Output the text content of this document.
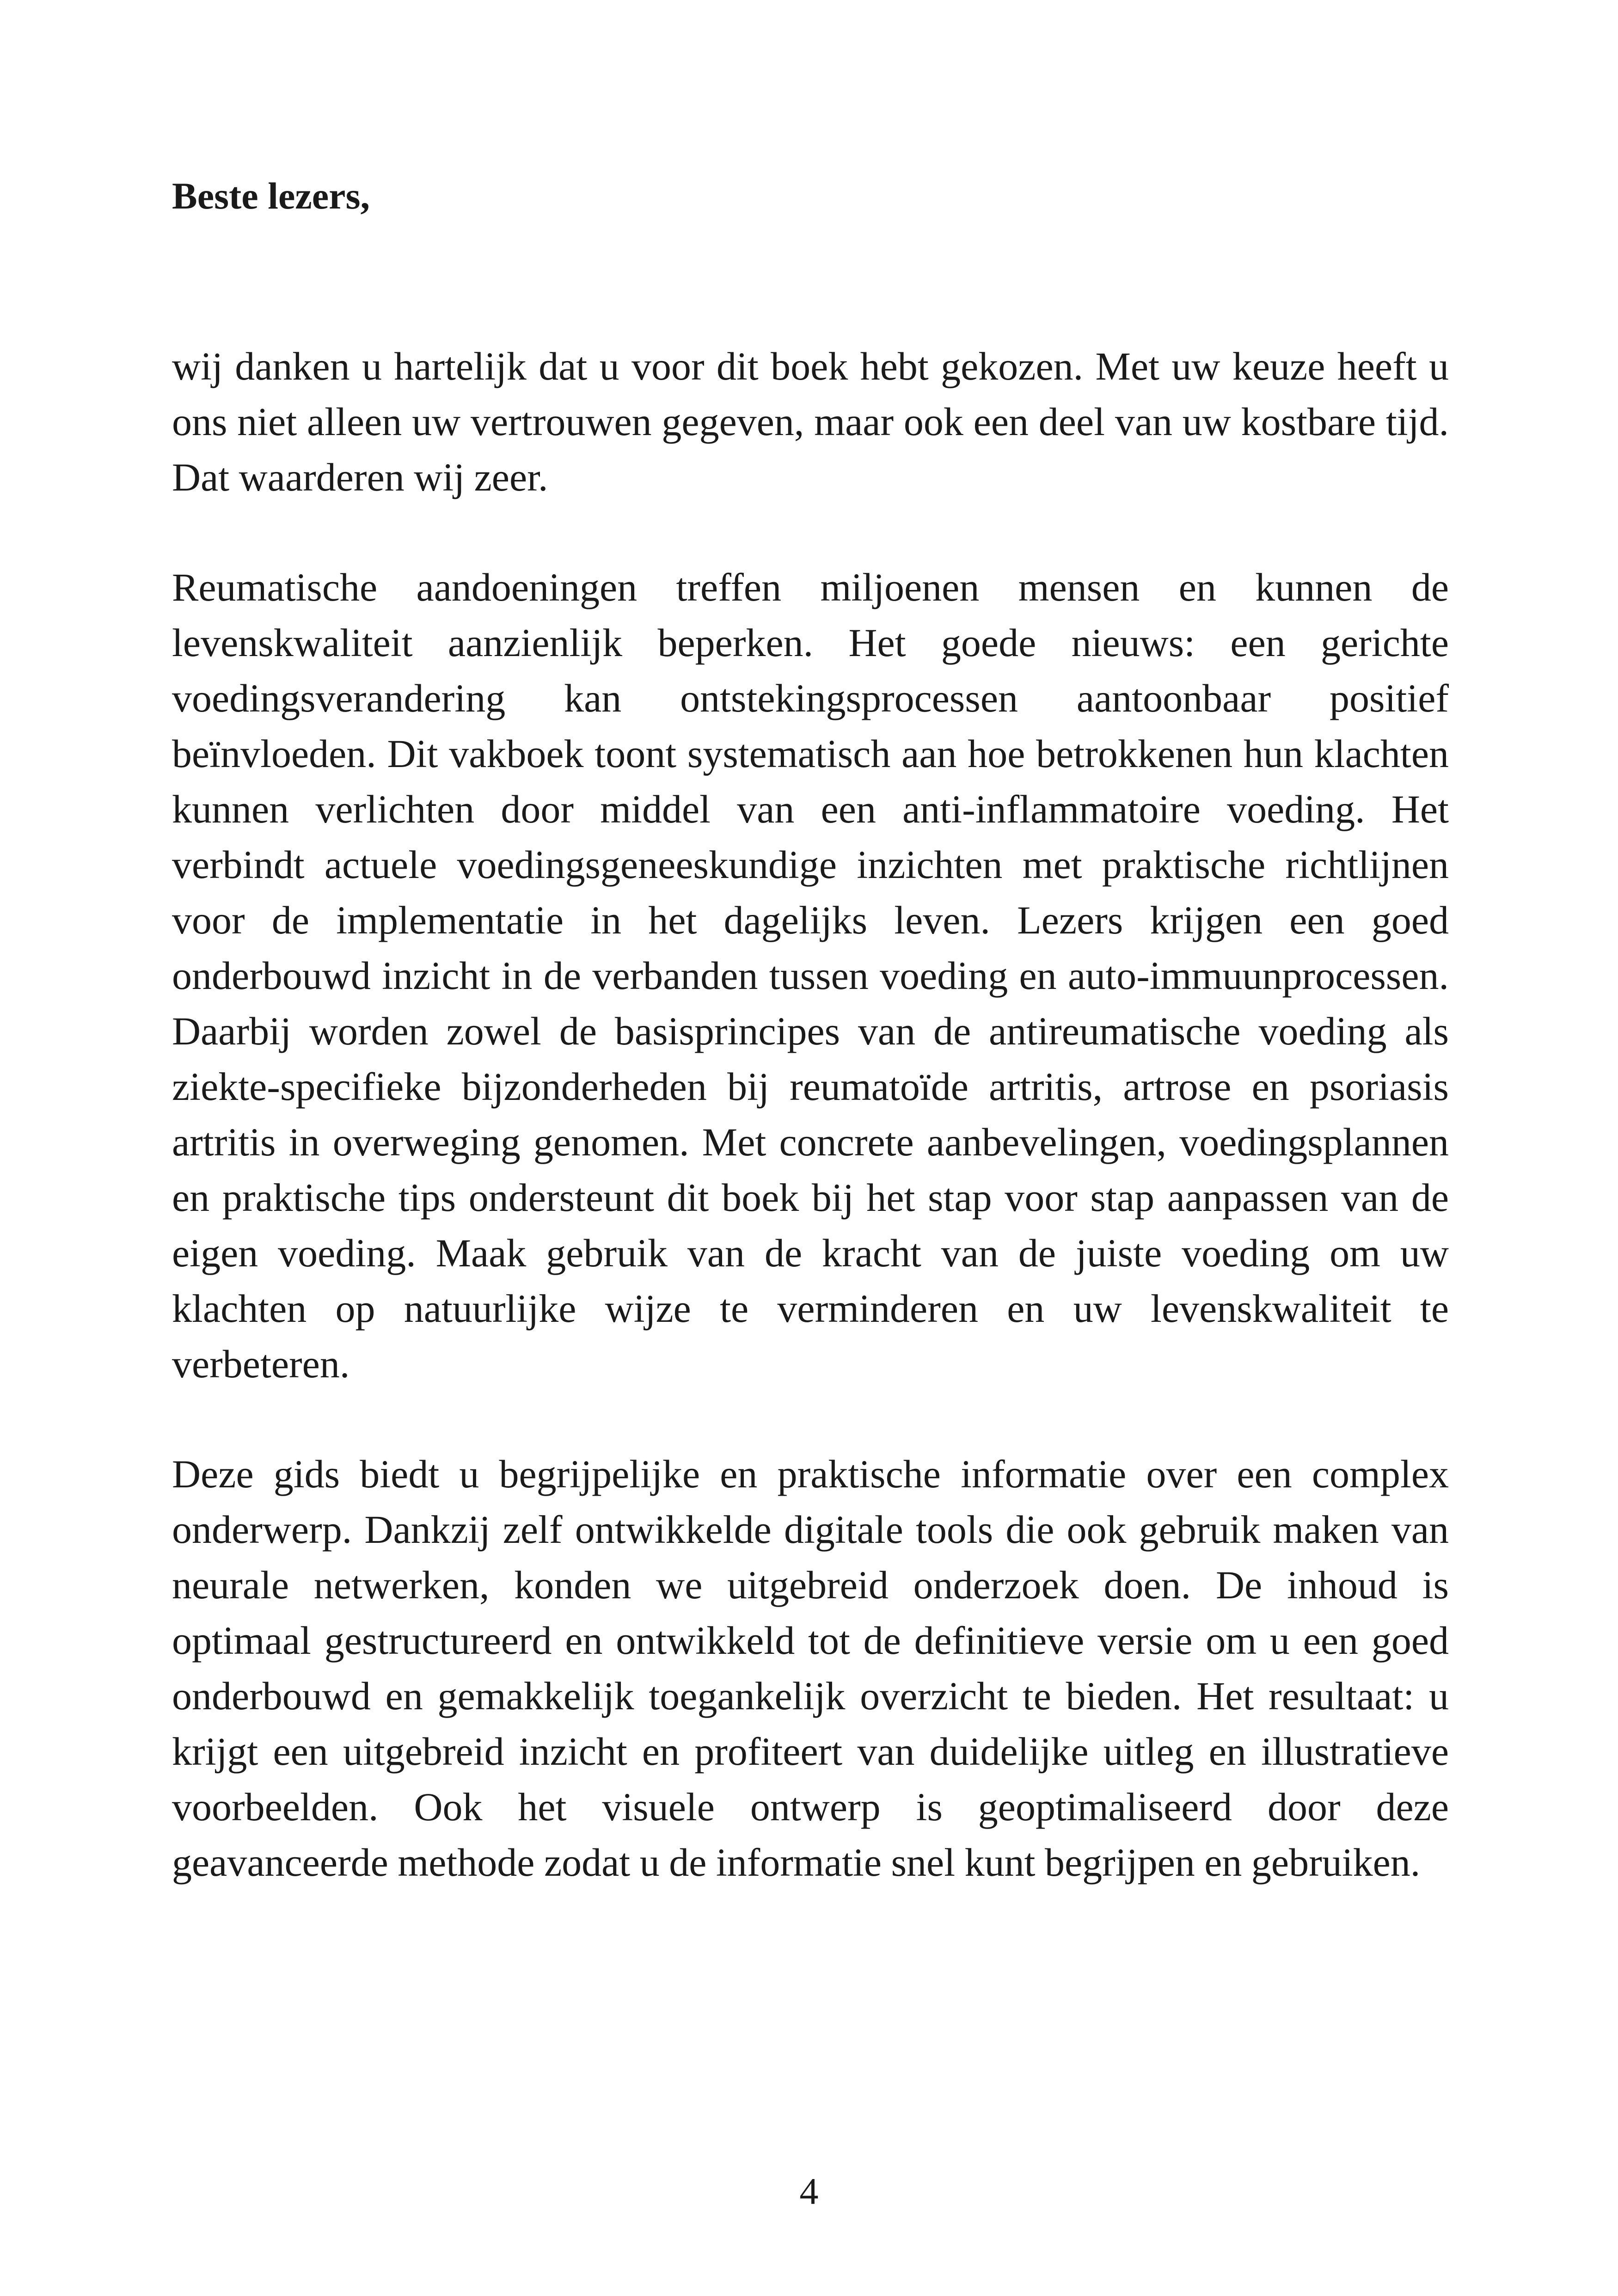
Beste lezers,

wij danken u hartelijk dat u voor dit boek hebt gekozen. Met uw keuze heeft u ons niet alleen uw vertrouwen gegeven, maar ook een deel van uw kostbare tijd. Dat waarderen wij zeer.

Reumatische aandoeningen treffen miljoenen mensen en kunnen de levenskwaliteit aanzienlijk beperken. Het goede nieuws: een gerichte voedingsverandering kan ontstekingsprocessen aantoonbaar positief beïnvloeden. Dit vakboek toont systematisch aan hoe betrokkenen hun klachten kunnen verlichten door middel van een anti-inflammatoire voeding. Het verbindt actuele voedingsgeneeskundige inzichten met praktische richtlijnen voor de implementatie in het dagelijks leven. Lezers krijgen een goed onderbouwd inzicht in de verbanden tussen voeding en auto-immuunprocessen. Daarbij worden zowel de basisprincipes van de antireumatische voeding als ziekte-specifieke bijzonderheden bij reumatoïde artritis, artrose en psoriasis artritis in overweging genomen. Met concrete aanbevelingen, voedingsplannen en praktische tips ondersteunt dit boek bij het stap voor stap aanpassen van de eigen voeding. Maak gebruik van de kracht van de juiste voeding om uw klachten op natuurlijke wijze te verminderen en uw levenskwaliteit te verbeteren.

Deze gids biedt u begrijpelijke en praktische informatie over een complex onderwerp. Dankzij zelf ontwikkelde digitale tools die ook gebruik maken van neurale netwerken, konden we uitgebreid onderzoek doen. De inhoud is optimaal gestructureerd en ontwikkeld tot de definitieve versie om u een goed onderbouwd en gemakkelijk toegankelijk overzicht te bieden. Het resultaat: u krijgt een uitgebreid inzicht en profiteert van duidelijke uitleg en illustratieve voorbeelden. Ook het visuele ontwerp is geoptimaliseerd door deze geavanceerde methode zodat u de informatie snel kunt begrijpen en gebruiken.

4
